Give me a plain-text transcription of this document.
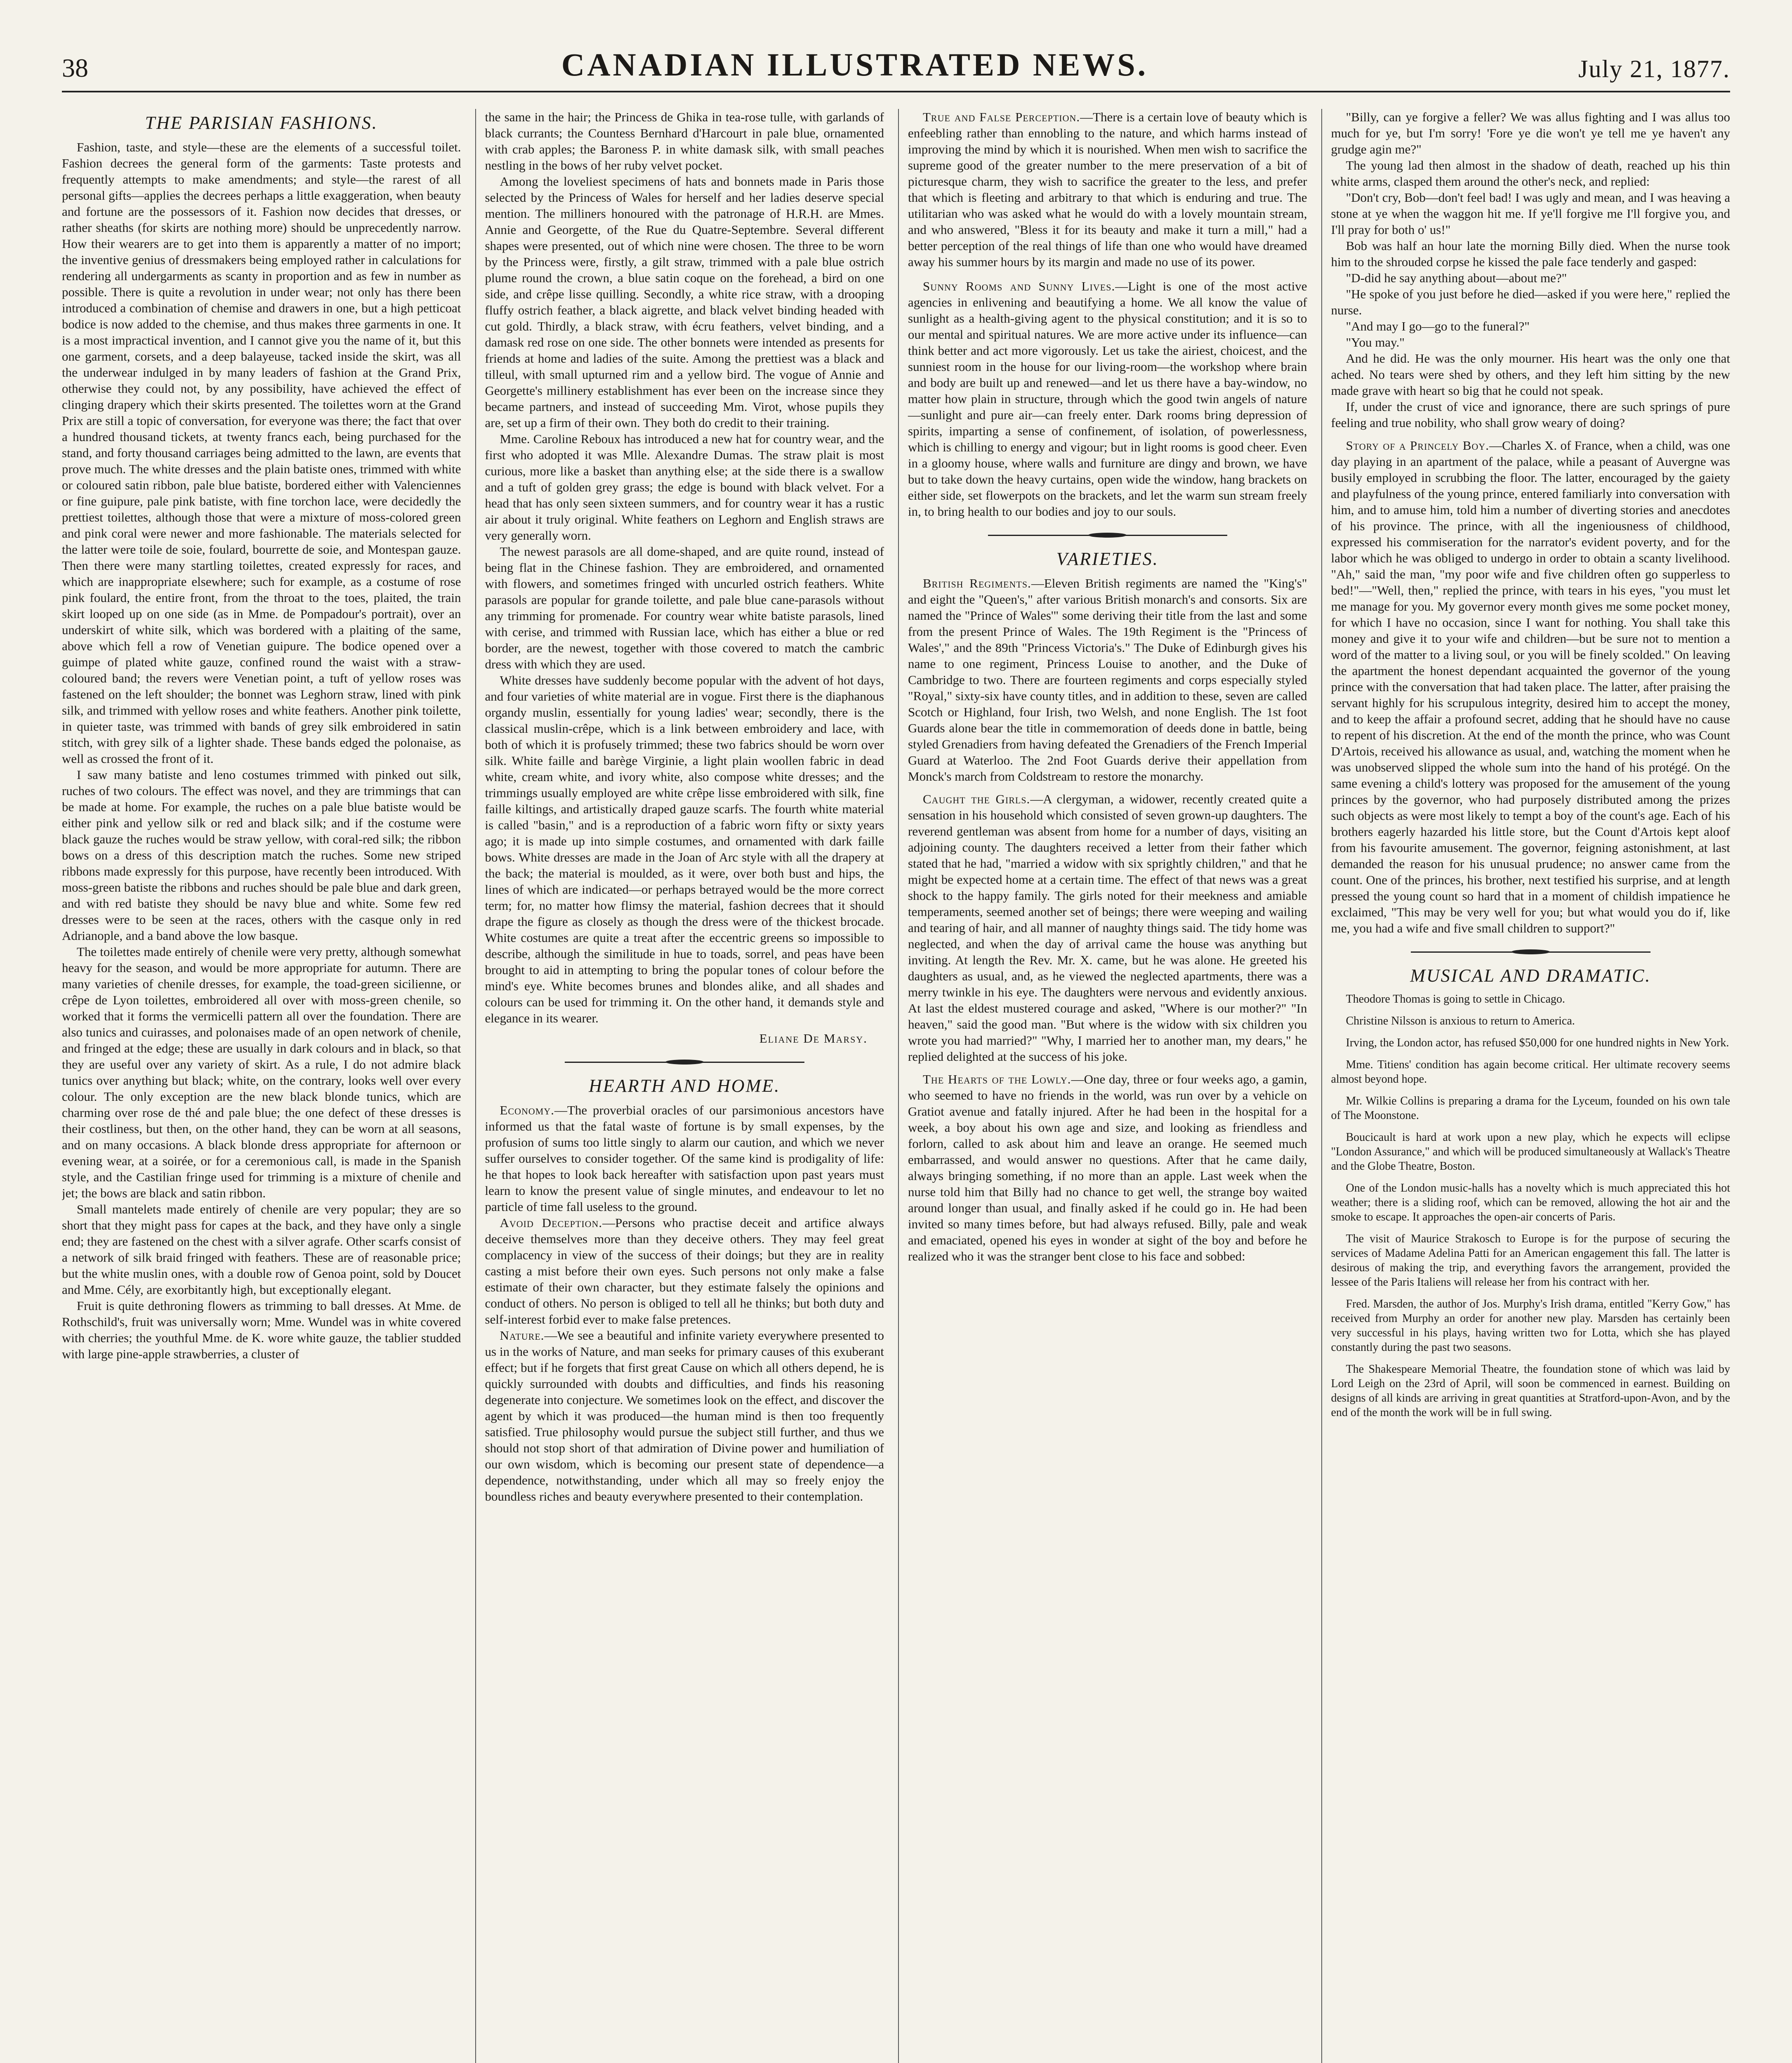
38	CANADIAN ILLUSTRATED NEWS.	July 21, 1877.
THE PARISIAN FASHIONS.

Fashion, taste, and style—these are the elements of a successful toilet. Fashion decrees the general form of the garments: Taste protests and frequently attempts to make amendments; and style—the rarest of all personal gifts—applies the decrees perhaps a little exaggeration, when beauty and fortune are the possessors of it. Fashion now decides that dresses, or rather sheaths (for skirts are nothing more) should be unprecedently narrow. How their wearers are to get into them is apparently a matter of no import; the inventive genius of dressmakers being employed rather in calculations for rendering all undergarments as scanty in proportion and as few in number as possible. There is quite a revolution in under wear; not only has there been introduced a combination of chemise and drawers in one, but a high petticoat bodice is now added to the chemise, and thus makes three garments in one. It is a most impractical invention, and I cannot give you the name of it, but this one garment, corsets, and a deep balayeuse, tacked inside the skirt, was all the underwear indulged in by many leaders of fashion at the Grand Prix, otherwise they could not, by any possibility, have achieved the effect of clinging drapery which their skirts presented. The toilettes worn at the Grand Prix are still a topic of conversation, for everyone was there; the fact that over a hundred thousand tickets, at twenty francs each, being purchased for the stand, and forty thousand carriages being admitted to the lawn, are events that prove much. The white dresses and the plain batiste ones, trimmed with white or coloured satin ribbon, pale blue batiste, bordered either with Valenciennes or fine guipure, pale pink batiste, with fine torchon lace, were decidedly the prettiest toilettes, although those that were a mixture of moss-colored green and pink coral were newer and more fashionable. The materials selected for the latter were toile de soie, foulard, bourrette de soie, and Montespan gauze. Then there were many startling toilettes, created expressly for races, and which are inappropriate elsewhere; such for example, as a costume of rose pink foulard, the entire front, from the throat to the toes, plaited, the train skirt looped up on one side (as in Mme. de Pompadour's portrait), over an underskirt of white silk, which was bordered with a plaiting of the same, above which fell a row of Venetian guipure. The bodice opened over a guimpe of plated white gauze, confined round the waist with a straw-coloured band; the revers were Venetian point, a tuft of yellow roses was fastened on the left shoulder; the bonnet was Leghorn straw, lined with pink silk, and trimmed with yellow roses and white feathers. Another pink toilette, in quieter taste, was trimmed with bands of grey silk embroidered in satin stitch, with grey silk of a lighter shade. These bands edged the polonaise, as well as crossed the front of it.

I saw many batiste and leno costumes trimmed with pinked out silk, ruches of two colours. The effect was novel, and they are trimmings that can be made at home. For example, the ruches on a pale blue batiste would be either pink and yellow silk or red and black silk; and if the costume were black gauze the ruches would be straw yellow, with coral-red silk; the ribbon bows on a dress of this description match the ruches. Some new striped ribbons made expressly for this purpose, have recently been introduced. With moss-green batiste the ribbons and ruches should be pale blue and dark green, and with red batiste they should be navy blue and white. Some few red dresses were to be seen at the races, others with the casque only in red Adrianople, and a band above the low basque.

The toilettes made entirely of chenile were very pretty, although somewhat heavy for the season, and would be more appropriate for autumn. There are many varieties of chenile dresses, for example, the toad-green sicilienne, or crêpe de Lyon toilettes, embroidered all over with moss-green chenile, so worked that it forms the vermicelli pattern all over the foundation. There are also tunics and cuirasses, and polonaises made of an open network of chenile, and fringed at the edge; these are usually in dark colours and in black, so that they are useful over any variety of skirt. As a rule, I do not admire black tunics over anything but black; white, on the contrary, looks well over every colour. The only exception are the new black blonde tunics, which are charming over rose de thé and pale blue; the one defect of these dresses is their costliness, but then, on the other hand, they can be worn at all seasons, and on many occasions. A black blonde dress appropriate for afternoon or evening wear, at a soirée, or for a ceremonious call, is made in the Spanish style, and the Castilian fringe used for trimming is a mixture of chenile and jet; the bows are black and satin ribbon.

Small mantelets made entirely of chenile are very popular; they are so short that they might pass for capes at the back, and they have only a single end; they are fastened on the chest with a silver agrafe. Other scarfs consist of a network of silk braid fringed with feathers. These are of reasonable price; but the white muslin ones, with a double row of Genoa point, sold by Doucet and Mme. Cély, are exorbitantly high, but exceptionally elegant.

Fruit is quite dethroning flowers as trimming to ball dresses. At Mme. de Rothschild's, fruit was universally worn; Mme. Wundel was in white covered with cherries; the youthful Mme. de K. wore white gauze, the tablier studded with large pine-apple strawberries, a cluster of

the same in the hair; the Princess de Ghika in tea-rose tulle, with garlands of black currants; the Countess Bernhard d'Harcourt in pale blue, ornamented with crab apples; the Baroness P. in white damask silk, with small peaches nestling in the bows of her ruby velvet pocket.

Among the loveliest specimens of hats and bonnets made in Paris those selected by the Princess of Wales for herself and her ladies deserve special mention. The milliners honoured with the patronage of H.R.H. are Mmes. Annie and Georgette, of the Rue du Quatre-Septembre. Several different shapes were presented, out of which nine were chosen. The three to be worn by the Princess were, firstly, a gilt straw, trimmed with a pale blue ostrich plume round the crown, a blue satin coque on the forehead, a bird on one side, and crêpe lisse quilling. Secondly, a white rice straw, with a drooping fluffy ostrich feather, a black aigrette, and black velvet binding headed with cut gold. Thirdly, a black straw, with écru feathers, velvet binding, and a damask red rose on one side. The other bonnets were intended as presents for friends at home and ladies of the suite. Among the prettiest was a black and tilleul, with small upturned rim and a yellow bird. The vogue of Annie and Georgette's millinery establishment has ever been on the increase since they became partners, and instead of succeeding Mm. Virot, whose pupils they are, set up a firm of their own. They both do credit to their training.

Mme. Caroline Reboux has introduced a new hat for country wear, and the first who adopted it was Mlle. Alexandre Dumas. The straw plait is most curious, more like a basket than anything else; at the side there is a swallow and a tuft of golden grey grass; the edge is bound with black velvet. For a head that has only seen sixteen summers, and for country wear it has a rustic air about it truly original. White feathers on Leghorn and English straws are very generally worn.

The newest parasols are all dome-shaped, and are quite round, instead of being flat in the Chinese fashion. They are embroidered, and ornamented with flowers, and sometimes fringed with uncurled ostrich feathers. White parasols are popular for grande toilette, and pale blue cane-parasols without any trimming for promenade. For country wear white batiste parasols, lined with cerise, and trimmed with Russian lace, which has either a blue or red border, are the newest, together with those covered to match the cambric dress with which they are used.

White dresses have suddenly become popular with the advent of hot days, and four varieties of white material are in vogue. First there is the diaphanous organdy muslin, essentially for young ladies' wear; secondly, there is the classical muslin-crêpe, which is a link between embroidery and lace, with both of which it is profusely trimmed; these two fabrics should be worn over silk. White faille and barège Virginie, a light plain woollen fabric in dead white, cream white, and ivory white, also compose white dresses; and the trimmings usually employed are white crêpe lisse embroidered with silk, fine faille kiltings, and artistically draped gauze scarfs. The fourth white material is called "basin," and is a reproduction of a fabric worn fifty or sixty years ago; it is made up into simple costumes, and ornamented with dark faille bows. White dresses are made in the Joan of Arc style with all the drapery at the back; the material is moulded, as it were, over both bust and hips, the lines of which are indicated—or perhaps betrayed would be the more correct term; for, no matter how flimsy the material, fashion decrees that it should drape the figure as closely as though the dress were of the thickest brocade. White costumes are quite a treat after the eccentric greens so impossible to describe, although the similitude in hue to toads, sorrel, and peas have been brought to aid in attempting to bring the popular tones of colour before the mind's eye. White becomes brunes and blondes alike, and all shades and colours can be used for trimming it. On the other hand, it demands style and elegance in its wearer.

Eliane De Marsy.
HEARTH AND HOME.

Economy.—The proverbial oracles of our parsimonious ancestors have informed us that the fatal waste of fortune is by small expenses, by the profusion of sums too little singly to alarm our caution, and which we never suffer ourselves to consider together. Of the same kind is prodigality of life: he that hopes to look back hereafter with satisfaction upon past years must learn to know the present value of single minutes, and endeavour to let no particle of time fall useless to the ground.

Avoid Deception.—Persons who practise deceit and artifice always deceive themselves more than they deceive others. They may feel great complacency in view of the success of their doings; but they are in reality casting a mist before their own eyes. Such persons not only make a false estimate of their own character, but they estimate falsely the opinions and conduct of others. No person is obliged to tell all he thinks; but both duty and self-interest forbid ever to make false pretences.

Nature.—We see a beautiful and infinite variety everywhere presented to us in the works of Nature, and man seeks for primary causes of this exuberant effect; but if he forgets that first great Cause on which all others depend, he is quickly surrounded with doubts and difficulties, and finds his reasoning degenerate into conjecture. We sometimes look on the effect, and discover the agent by which it was produced—the human mind is then too frequently satisfied. True philosophy would pursue the subject still further, and thus we should not stop short of that admiration of Divine power and humiliation of our own wisdom, which is becoming our present state of dependence—a dependence, notwithstanding, under which all may so freely enjoy the boundless riches and beauty everywhere presented to their contemplation.

True and False Perception.—There is a certain love of beauty which is enfeebling rather than ennobling to the nature, and which harms instead of improving the mind by which it is nourished. When men wish to sacrifice the supreme good of the greater number to the mere preservation of a bit of picturesque charm, they wish to sacrifice the greater to the less, and prefer that which is fleeting and arbitrary to that which is enduring and true. The utilitarian who was asked what he would do with a lovely mountain stream, and who answered, "Bless it for its beauty and make it turn a mill," had a better perception of the real things of life than one who would have dreamed away his summer hours by its margin and made no use of its power.

Sunny Rooms and Sunny Lives.—Light is one of the most active agencies in enlivening and beautifying a home. We all know the value of sunlight as a health-giving agent to the physical constitution; and it is so to our mental and spiritual natures. We are more active under its influence—can think better and act more vigorously. Let us take the airiest, choicest, and the sunniest room in the house for our living-room—the workshop where brain and body are built up and renewed—and let us there have a bay-window, no matter how plain in structure, through which the good twin angels of nature—sunlight and pure air—can freely enter. Dark rooms bring depression of spirits, imparting a sense of confinement, of isolation, of powerlessness, which is chilling to energy and vigour; but in light rooms is good cheer. Even in a gloomy house, where walls and furniture are dingy and brown, we have but to take down the heavy curtains, open wide the window, hang brackets on either side, set flowerpots on the brackets, and let the warm sun stream freely in, to bring health to our bodies and joy to our souls.

VARIETIES.

British Regiments.—Eleven British regiments are named the "King's" and eight the "Queen's," after various British monarch's and consorts. Six are named the "Prince of Wales'" some deriving their title from the last and some from the present Prince of Wales. The 19th Regiment is the "Princess of Wales'," and the 89th "Princess Victoria's." The Duke of Edinburgh gives his name to one regiment, Princess Louise to another, and the Duke of Cambridge to two. There are fourteen regiments and corps especially styled "Royal," sixty-six have county titles, and in addition to these, seven are called Scotch or Highland, four Irish, two Welsh, and none English. The 1st foot Guards alone bear the title in commemoration of deeds done in battle, being styled Grenadiers from having defeated the Grenadiers of the French Imperial Guard at Waterloo. The 2nd Foot Guards derive their appellation from Monck's march from Coldstream to restore the monarchy.

Caught the Girls.—A clergyman, a widower, recently created quite a sensation in his household which consisted of seven grown-up daughters. The reverend gentleman was absent from home for a number of days, visiting an adjoining county. The daughters received a letter from their father which stated that he had, "married a widow with six sprightly children," and that he might be expected home at a certain time. The effect of that news was a great shock to the happy family. The girls noted for their meekness and amiable temperaments, seemed another set of beings; there were weeping and wailing and tearing of hair, and all manner of naughty things said. The tidy home was neglected, and when the day of arrival came the house was anything but inviting. At length the Rev. Mr. X. came, but he was alone. He greeted his daughters as usual, and, as he viewed the neglected apartments, there was a merry twinkle in his eye. The daughters were nervous and evidently anxious. At last the eldest mustered courage and asked, "Where is our mother?" "In heaven," said the good man. "But where is the widow with six children you wrote you had married?" "Why, I married her to another man, my dears," he replied delighted at the success of his joke.

The Hearts of the Lowly.—One day, three or four weeks ago, a gamin, who seemed to have no friends in the world, was run over by a vehicle on Gratiot avenue and fatally injured. After he had been in the hospital for a week, a boy about his own age and size, and looking as friendless and forlorn, called to ask about him and leave an orange. He seemed much embarrassed, and would answer no questions. After that he came daily, always bringing something, if no more than an apple. Last week when the nurse told him that Billy had no chance to get well, the strange boy waited around longer than usual, and finally asked if he could go in. He had been invited so many times before, but had always refused. Billy, pale and weak and emaciated, opened his eyes in wonder at sight of the boy and before he realized who it was the stranger bent close to his face and sobbed:

"Billy, can ye forgive a feller? We was allus fighting and I was allus too much for ye, but I'm sorry! 'Fore ye die won't ye tell me ye haven't any grudge agin me?"

The young lad then almost in the shadow of death, reached up his thin white arms, clasped them around the other's neck, and replied:

"Don't cry, Bob—don't feel bad! I was ugly and mean, and I was heaving a stone at ye when the waggon hit me. If ye'll forgive me I'll forgive you, and I'll pray for both o' us!"

Bob was half an hour late the morning Billy died. When the nurse took him to the shrouded corpse he kissed the pale face tenderly and gasped:

"D-did he say anything about—about me?"

"He spoke of you just before he died—asked if you were here," replied the nurse.

"And may I go—go to the funeral?"

"You may."

And he did. He was the only mourner. His heart was the only one that ached. No tears were shed by others, and they left him sitting by the new made grave with heart so big that he could not speak.

If, under the crust of vice and ignorance, there are such springs of pure feeling and true nobility, who shall grow weary of doing?

Story of a Princely Boy.—Charles X. of France, when a child, was one day playing in an apartment of the palace, while a peasant of Auvergne was busily employed in scrubbing the floor. The latter, encouraged by the gaiety and playfulness of the young prince, entered familiarly into conversation with him, and to amuse him, told him a number of diverting stories and anecdotes of his province. The prince, with all the ingeniousness of childhood, expressed his commiseration for the narrator's evident poverty, and for the labor which he was obliged to undergo in order to obtain a scanty livelihood. "Ah," said the man, "my poor wife and five children often go supperless to bed!"—"Well, then," replied the prince, with tears in his eyes, "you must let me manage for you. My governor every month gives me some pocket money, for which I have no occasion, since I want for nothing. You shall take this money and give it to your wife and children—but be sure not to mention a word of the matter to a living soul, or you will be finely scolded." On leaving the apartment the honest dependant acquainted the governor of the young prince with the conversation that had taken place. The latter, after praising the servant highly for his scrupulous integrity, desired him to accept the money, and to keep the affair a profound secret, adding that he should have no cause to repent of his discretion. At the end of the month the prince, who was Count D'Artois, received his allowance as usual, and, watching the moment when he was unobserved slipped the whole sum into the hand of his protégé. On the same evening a child's lottery was proposed for the amusement of the young princes by the governor, who had purposely distributed among the prizes such objects as were most likely to tempt a boy of the count's age. Each of his brothers eagerly hazarded his little store, but the Count d'Artois kept aloof from his favourite amusement. The governor, feigning astonishment, at last demanded the reason for his unusual prudence; no answer came from the count. One of the princes, his brother, next testified his surprise, and at length pressed the young count so hard that in a moment of childish impatience he exclaimed, "This may be very well for you; but what would you do if, like me, you had a wife and five small children to support?"

MUSICAL AND DRAMATIC.

Theodore Thomas is going to settle in Chicago.

Christine Nilsson is anxious to return to America.

Irving, the London actor, has refused $50,000 for one hundred nights in New York.

Mme. Titiens' condition has again become critical. Her ultimate recovery seems almost beyond hope.

Mr. Wilkie Collins is preparing a drama for the Lyceum, founded on his own tale of The Moonstone.

Boucicault is hard at work upon a new play, which he expects will eclipse "London Assurance," and which will be produced simultaneously at Wallack's Theatre and the Globe Theatre, Boston.

One of the London music-halls has a novelty which is much appreciated this hot weather; there is a sliding roof, which can be removed, allowing the hot air and the smoke to escape. It approaches the open-air concerts of Paris.

The visit of Maurice Strakosch to Europe is for the purpose of securing the services of Madame Adelina Patti for an American engagement this fall. The latter is desirous of making the trip, and everything favors the arrangement, provided the lessee of the Paris Italiens will release her from his contract with her.

Fred. Marsden, the author of Jos. Murphy's Irish drama, entitled "Kerry Gow," has received from Murphy an order for another new play. Marsden has certainly been very successful in his plays, having written two for Lotta, which she has played constantly during the past two seasons.

The Shakespeare Memorial Theatre, the foundation stone of which was laid by Lord Leigh on the 23rd of April, will soon be commenced in earnest. Building on designs of all kinds are arriving in great quantities at Stratford-upon-Avon, and by the end of the month the work will be in full swing.
